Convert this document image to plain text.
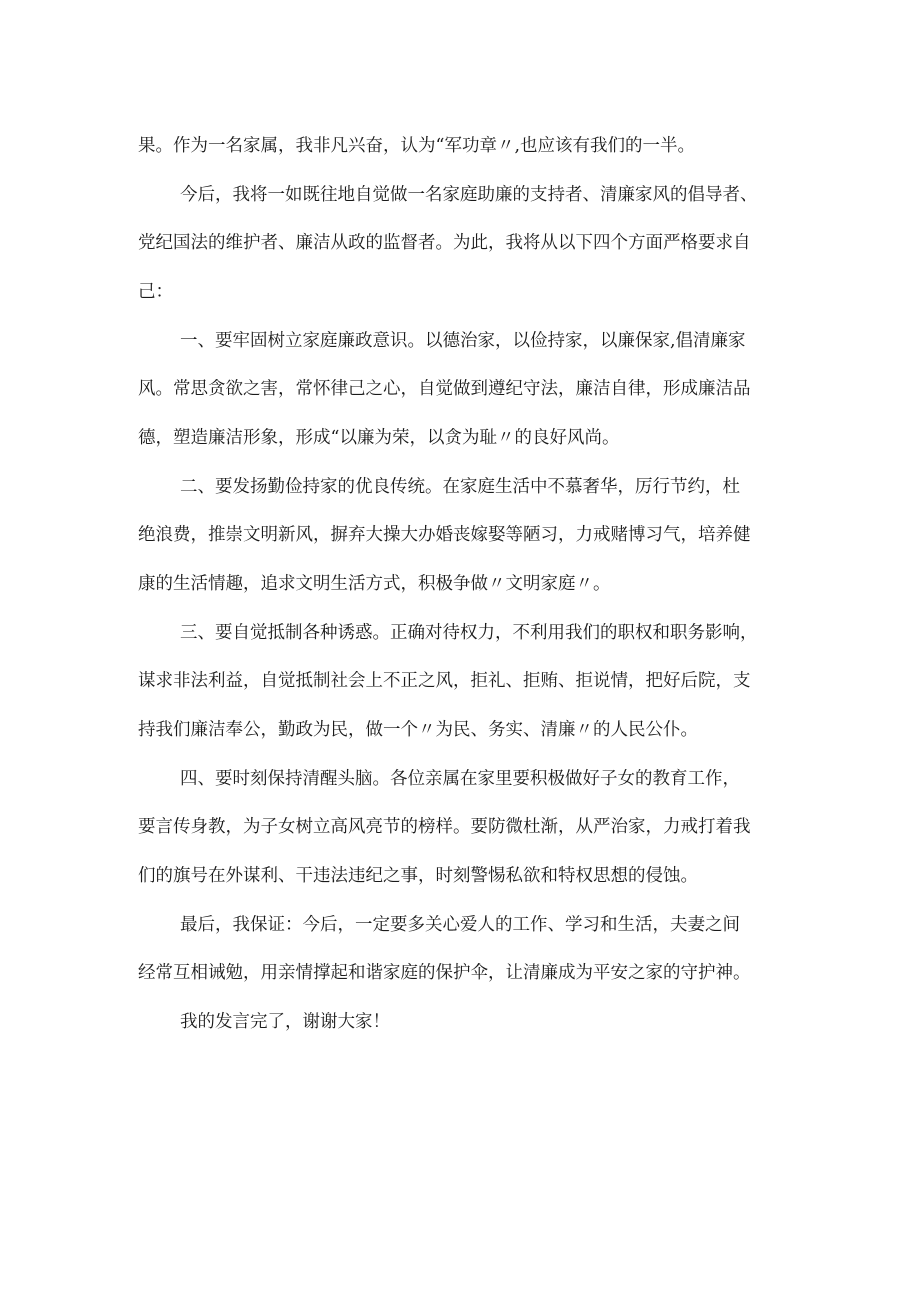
果。作为一名家属，我非凡兴奋，认为“军功章〃,也应该有我们的一半。

今后，我将一如既往地自觉做一名家庭助廉的支持者、清廉家风的倡导者、

党纪国法的维护者、廉洁从政的监督者。为此，我将从以下四个方面严格要求自

己：

一、要牢固树立家庭廉政意识。以德治家，以俭持家，以廉保家,倡清廉家

风。常思贪欲之害，常怀律己之心，自觉做到遵纪守法，廉洁自律，形成廉洁品

德，塑造廉洁形象，形成“以廉为荣，以贪为耻〃的良好风尚。

二、要发扬勤俭持家的优良传统。在家庭生活中不慕奢华，厉行节约，杜

绝浪费，推崇文明新风，摒弃大操大办婚丧嫁娶等陋习，力戒赌博习气，培养健

康的生活情趣，追求文明生活方式，积极争做〃文明家庭〃。

三、要自觉抵制各种诱惑。正确对待权力，不利用我们的职权和职务影响，

谋求非法利益，自觉抵制社会上不正之风，拒礼、拒贿、拒说情，把好后院，支

持我们廉洁奉公，勤政为民，做一个〃为民、务实、清廉〃的人民公仆。

四、要时刻保持清醒头脑。各位亲属在家里要积极做好子女的教育工作，

要言传身教，为子女树立高风亮节的榜样。要防微杜渐，从严治家，力戒打着我

们的旗号在外谋利、干违法违纪之事，时刻警惕私欲和特权思想的侵蚀。

最后，我保证：今后，一定要多关心爱人的工作、学习和生活，夫妻之间

经常互相诫勉，用亲情撑起和谐家庭的保护伞，让清廉成为平安之家的守护神。

我的发言完了，谢谢大家！
